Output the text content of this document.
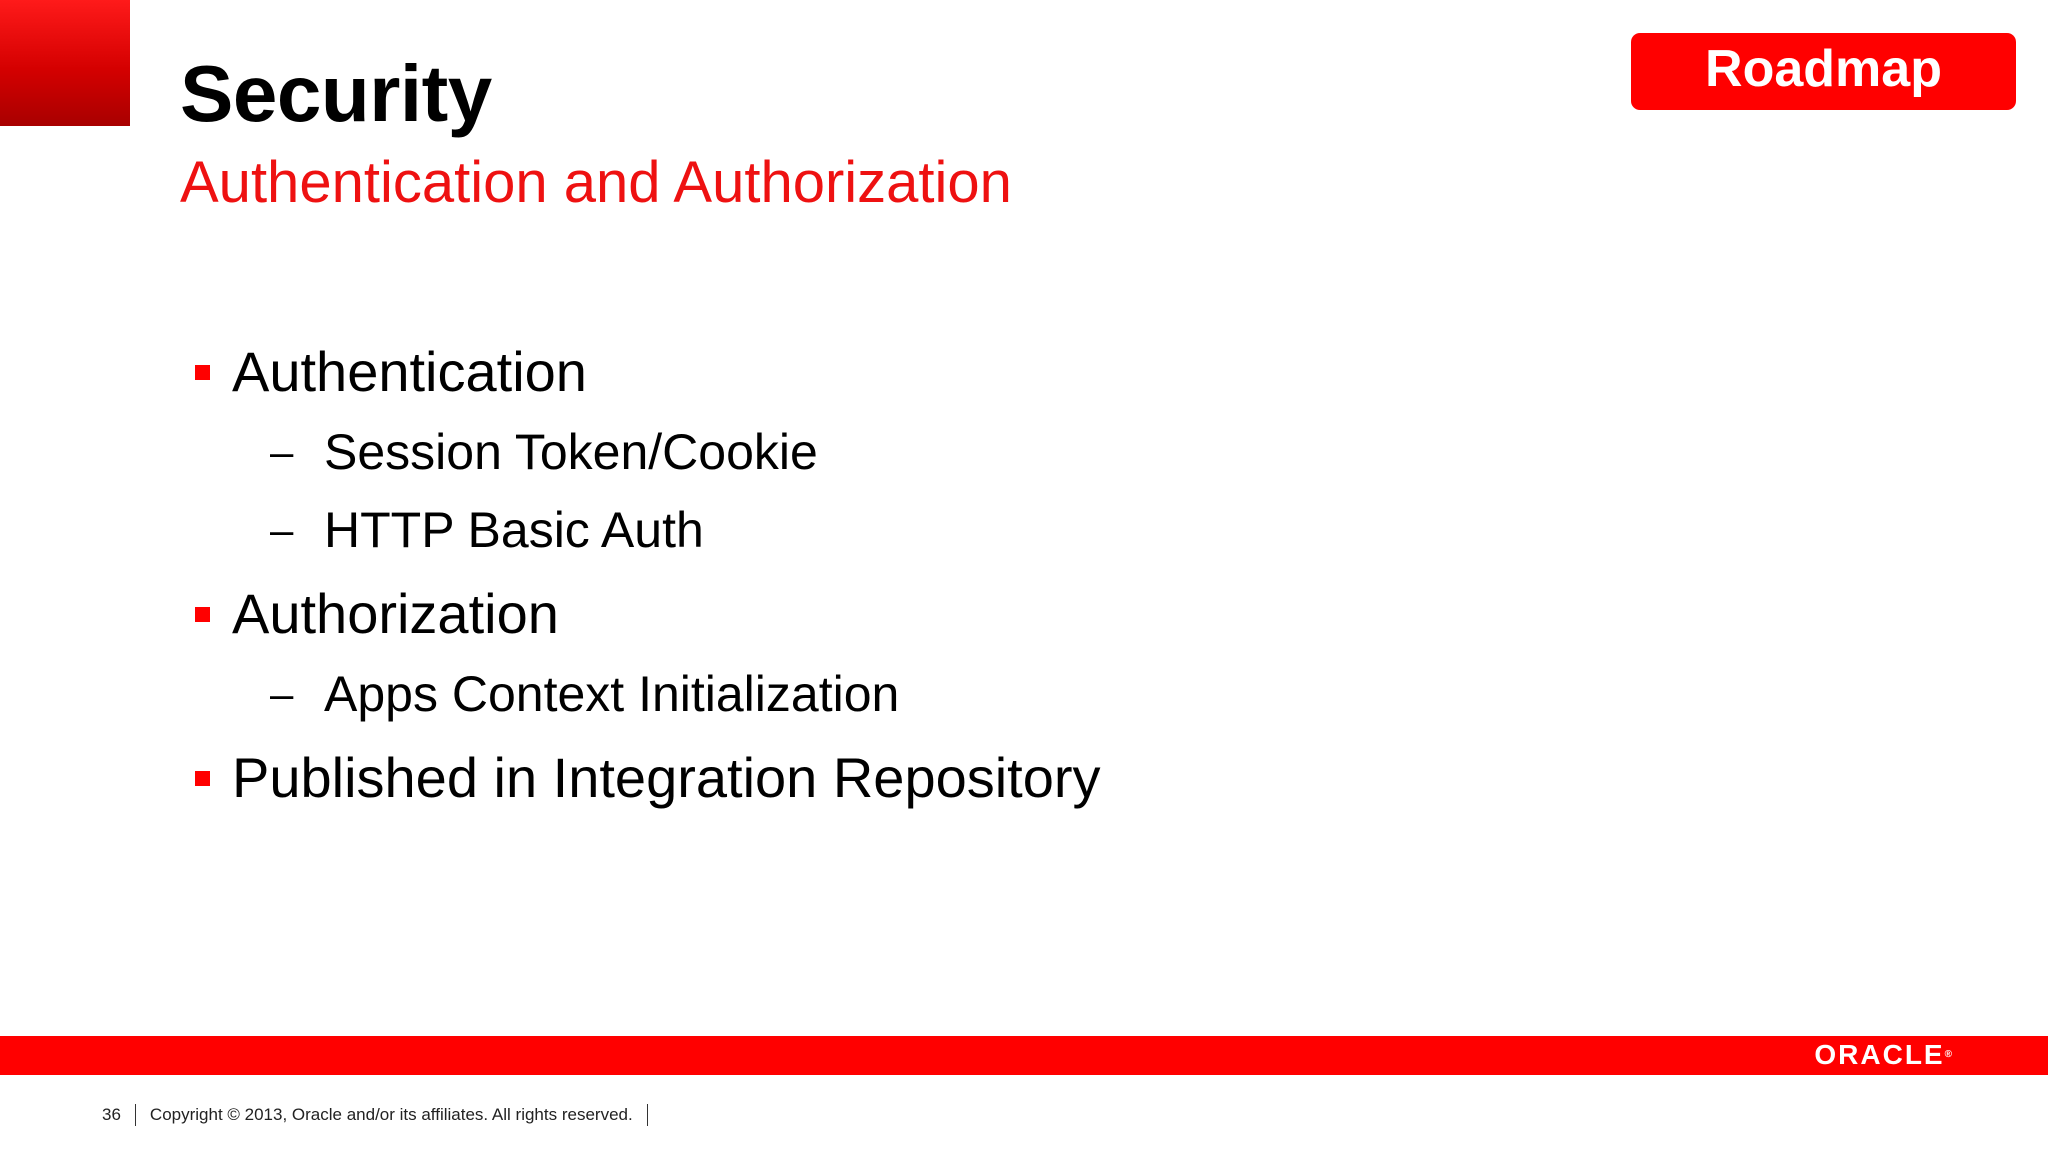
Security
Authentication and Authorization
Roadmap
Authentication
– Session Token/Cookie
– HTTP Basic Auth
Authorization
– Apps Context Initialization
Published in Integration Repository
ORACLE®
36 Copyright © 2013, Oracle and/or its affiliates. All rights reserved.
